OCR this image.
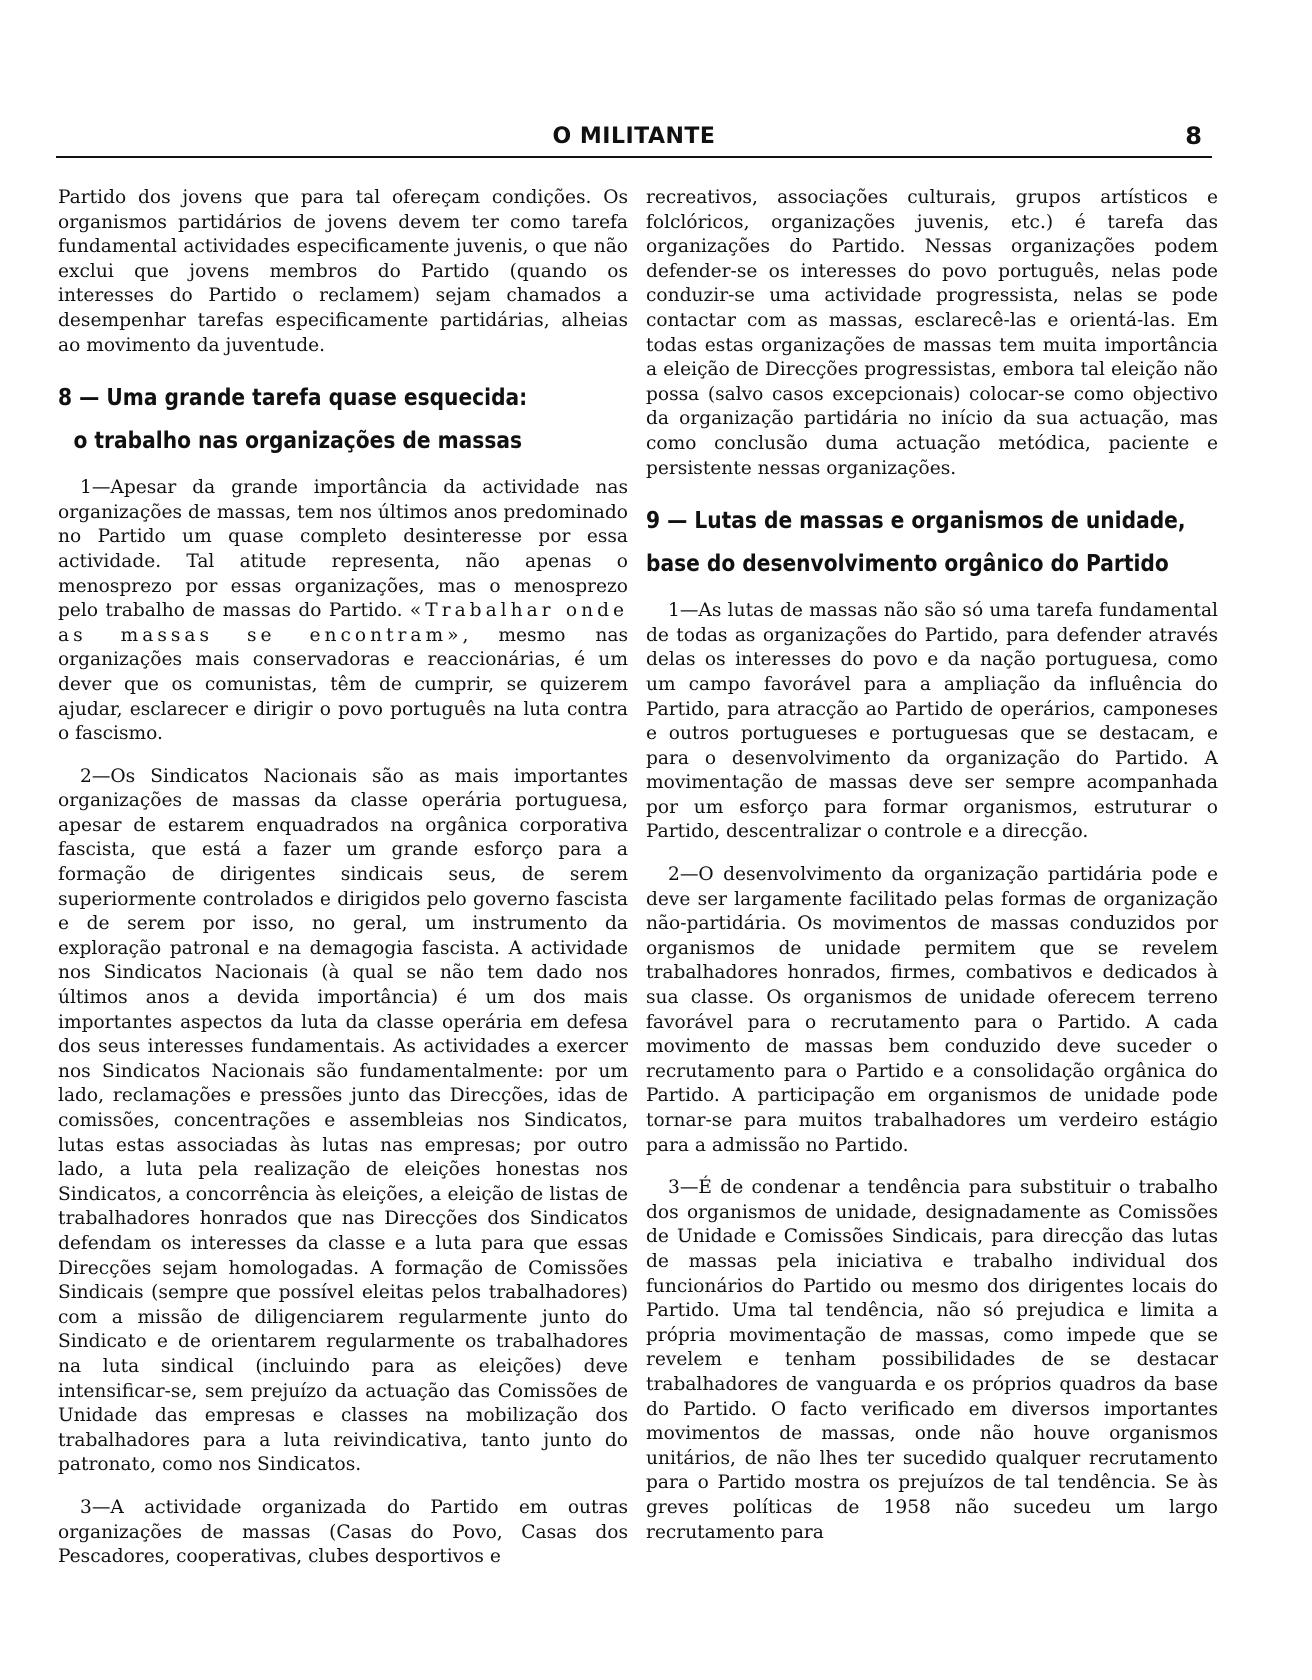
O MILITANTE	8

Partido dos jovens que para tal ofereçam condições. Os organismos partidários de jovens devem ter como tarefa fundamental actividades especificamente juvenis, o que não exclui que jovens membros do Partido (quando os interesses do Partido o reclamem) sejam chamados a desempenhar tarefas especificamente partidárias, alheias ao movimento da juventude.

8 — Uma grande tarefa quase esquecida:
o trabalho nas organizações de massas

1—Apesar da grande importância da actividade nas organizações de massas, tem nos últimos anos predominado no Partido um quase completo desinteresse por essa actividade. Tal atitude representa, não apenas o menosprezo por essas organizações, mas o menosprezo pelo trabalho de massas do Partido. «Trabalhar onde as massas se encontram», mesmo nas organizações mais conservadoras e reaccionárias, é um dever que os comunistas, têm de cumprir, se quizerem ajudar, esclarecer e dirigir o povo português na luta contra o fascismo.

2—Os Sindicatos Nacionais são as mais importantes organizações de massas da classe operária portuguesa, apesar de estarem enquadrados na orgânica corporativa fascista, que está a fazer um grande esforço para a formação de dirigentes sindicais seus, de serem superiormente controlados e dirigidos pelo governo fascista e de serem por isso, no geral, um instrumento da exploração patronal e na demagogia fascista. A actividade nos Sindicatos Nacionais (à qual se não tem dado nos últimos anos a devida importância) é um dos mais importantes aspectos da luta da classe operária em defesa dos seus interesses fundamentais. As actividades a exercer nos Sindicatos Nacionais são fundamentalmente: por um lado, reclamações e pressões junto das Direcções, idas de comissões, concentrações e assembleias nos Sindicatos, lutas estas associadas às lutas nas empresas; por outro lado, a luta pela realização de eleições honestas nos Sindicatos, a concorrência às eleições, a eleição de listas de trabalhadores honrados que nas Direcções dos Sindicatos defendam os interesses da classe e a luta para que essas Direcções sejam homologadas. A formação de Comissões Sindicais (sempre que possível eleitas pelos trabalhadores) com a missão de diligenciarem regularmente junto do Sindicato e de orientarem regularmente os trabalhadores na luta sindical (incluindo para as eleições) deve intensificar-se, sem prejuízo da actuação das Comissões de Unidade das empresas e classes na mobilização dos trabalhadores para a luta reivindicativa, tanto junto do patronato, como nos Sindicatos.

3—A actividade organizada do Partido em outras organizações de massas (Casas do Povo, Casas dos Pescadores, cooperativas, clubes desportivos e

recreativos, associações culturais, grupos artísticos e folclóricos, organizações juvenis, etc.) é tarefa das organizações do Partido. Nessas organizações podem defender-se os interesses do povo português, nelas pode conduzir-se uma actividade progressista, nelas se pode contactar com as massas, esclarecê-las e orientá-las. Em todas estas organizações de massas tem muita importância a eleição de Direcções progressistas, embora tal eleição não possa (salvo casos excepcionais) colocar-se como objectivo da organização partidária no início da sua actuação, mas como conclusão duma actuação metódica, paciente e persistente nessas organizações.

9 — Lutas de massas e organismos de unidade,
base do desenvolvimento orgânico do Partido

1—As lutas de massas não são só uma tarefa fundamental de todas as organizações do Partido, para defender através delas os interesses do povo e da nação portuguesa, como um campo favorável para a ampliação da influência do Partido, para atracção ao Partido de operários, camponeses e outros portugueses e portuguesas que se destacam, e para o desenvolvimento da organização do Partido. A movimentação de massas deve ser sempre acompanhada por um esforço para formar organismos, estruturar o Partido, descentralizar o controle e a direcção.

2—O desenvolvimento da organização partidária pode e deve ser largamente facilitado pelas formas de organização não-partidária. Os movimentos de massas conduzidos por organismos de unidade permitem que se revelem trabalhadores honrados, firmes, combativos e dedicados à sua classe. Os organismos de unidade oferecem terreno favorável para o recrutamento para o Partido. A cada movimento de massas bem conduzido deve suceder o recrutamento para o Partido e a consolidação orgânica do Partido. A participação em organismos de unidade pode tornar-se para muitos trabalhadores um verdeiro estágio para a admissão no Partido.

3—É de condenar a tendência para substituir o trabalho dos organismos de unidade, designadamente as Comissões de Unidade e Comissões Sindicais, para direcção das lutas de massas pela iniciativa e trabalho individual dos funcionários do Partido ou mesmo dos dirigentes locais do Partido. Uma tal tendência, não só prejudica e limita a própria movimentação de massas, como impede que se revelem e tenham possibilidades de se destacar trabalhadores de vanguarda e os próprios quadros da base do Partido. O facto verificado em diversos importantes movimentos de massas, onde não houve organismos unitários, de não lhes ter sucedido qualquer recrutamento para o Partido mostra os prejuízos de tal tendência. Se às greves políticas de 1958 não sucedeu um largo recrutamento para
